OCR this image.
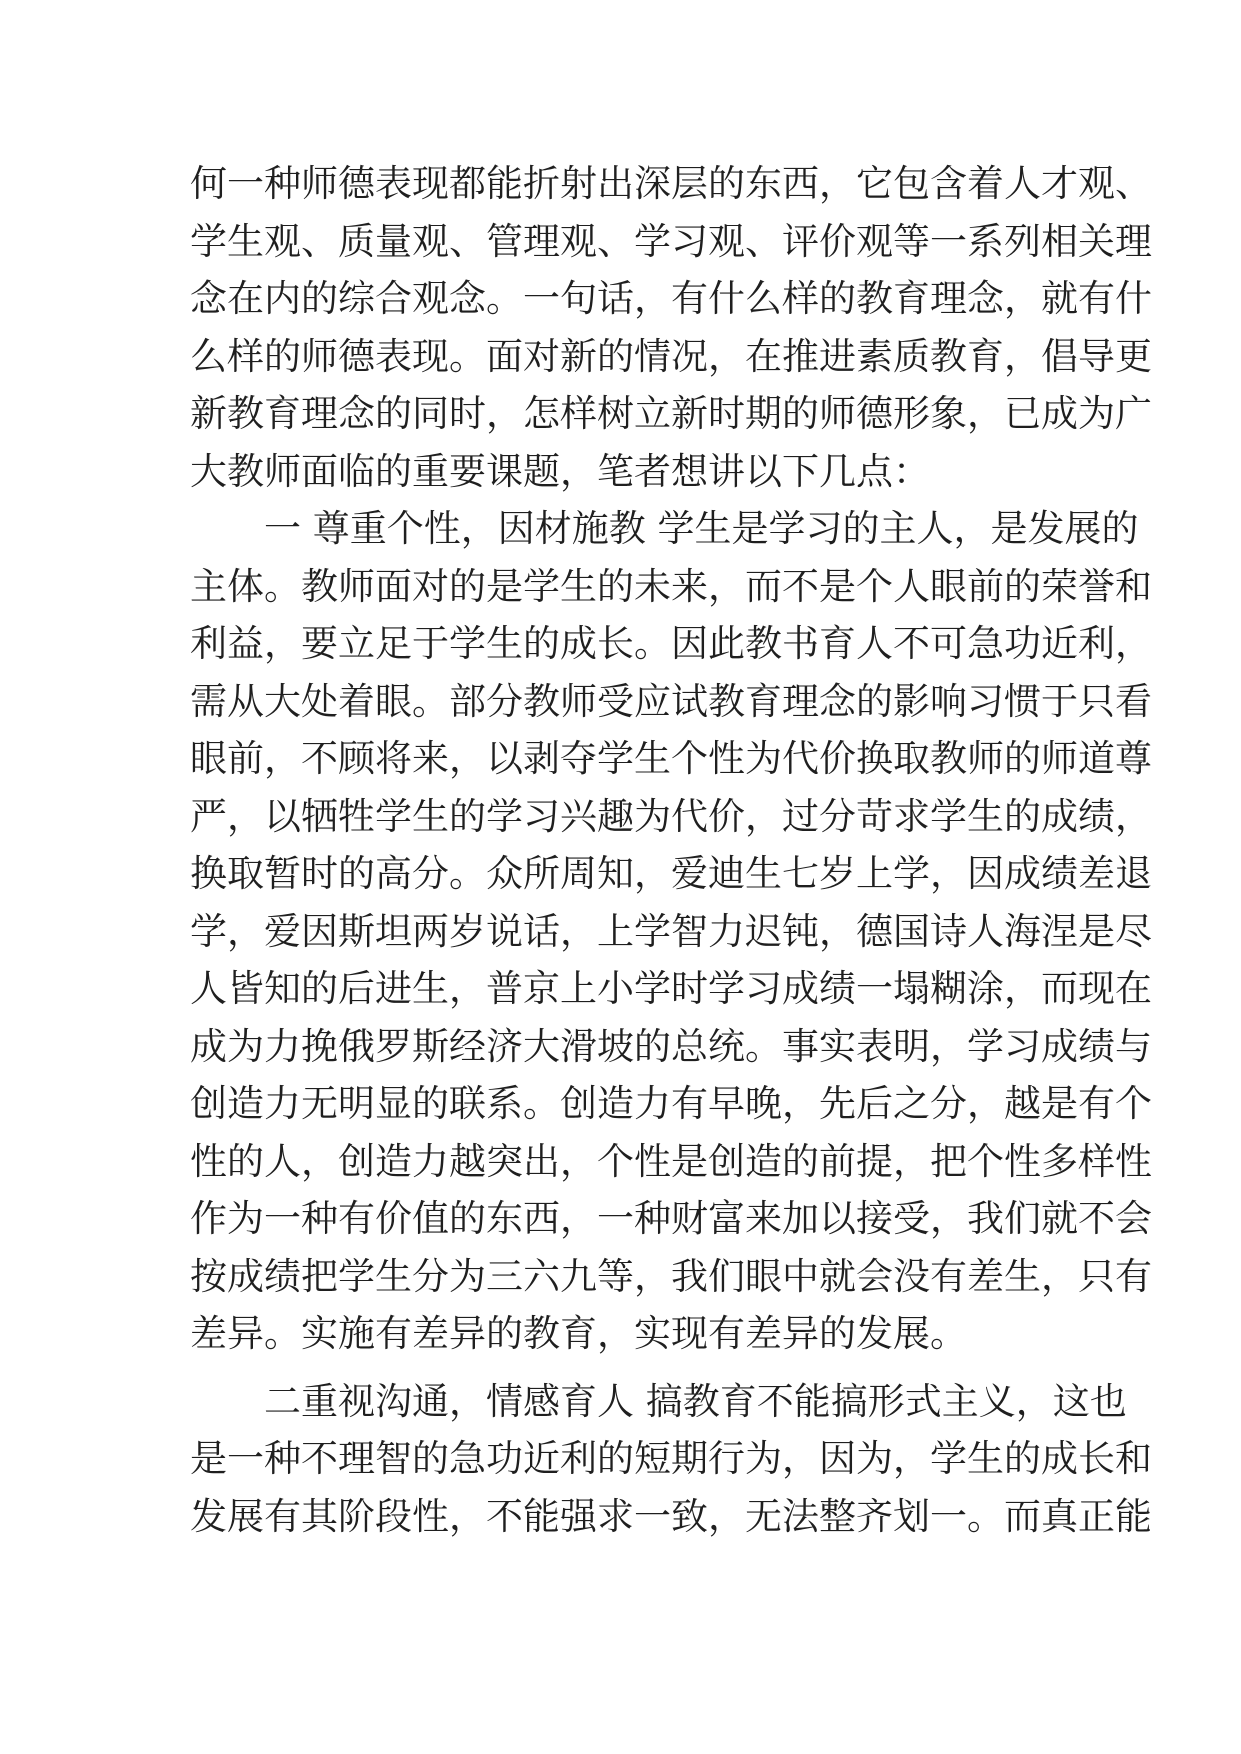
何一种师德表现都能折射出深层的东西，它包含着人才观、
学生观、质量观、管理观、学习观、评价观等一系列相关理
念在内的综合观念。一句话，有什么样的教育理念，就有什
么样的师德表现。面对新的情况，在推进素质教育，倡导更
新教育理念的同时，怎样树立新时期的师德形象，已成为广
大教师面临的重要课题，笔者想讲以下几点：
一 尊重个性，因材施教 学生是学习的主人，是发展的
主体。教师面对的是学生的未来，而不是个人眼前的荣誉和
利益，要立足于学生的成长。因此教书育人不可急功近利，
需从大处着眼。部分教师受应试教育理念的影响习惯于只看
眼前，不顾将来，以剥夺学生个性为代价换取教师的师道尊
严，以牺牲学生的学习兴趣为代价，过分苛求学生的成绩，
换取暂时的高分。众所周知，爱迪生七岁上学，因成绩差退
学，爱因斯坦两岁说话，上学智力迟钝，德国诗人海涅是尽
人皆知的后进生，普京上小学时学习成绩一塌糊涂，而现在
成为力挽俄罗斯经济大滑坡的总统。事实表明，学习成绩与
创造力无明显的联系。创造力有早晚，先后之分，越是有个
性的人，创造力越突出，个性是创造的前提，把个性多样性
作为一种有价值的东西，一种财富来加以接受，我们就不会
按成绩把学生分为三六九等，我们眼中就会没有差生，只有
差异。实施有差异的教育，实现有差异的发展。
二重视沟通，情感育人 搞教育不能搞形式主义，这也
是一种不理智的急功近利的短期行为，因为，学生的成长和
发展有其阶段性，不能强求一致，无法整齐划一。而真正能
